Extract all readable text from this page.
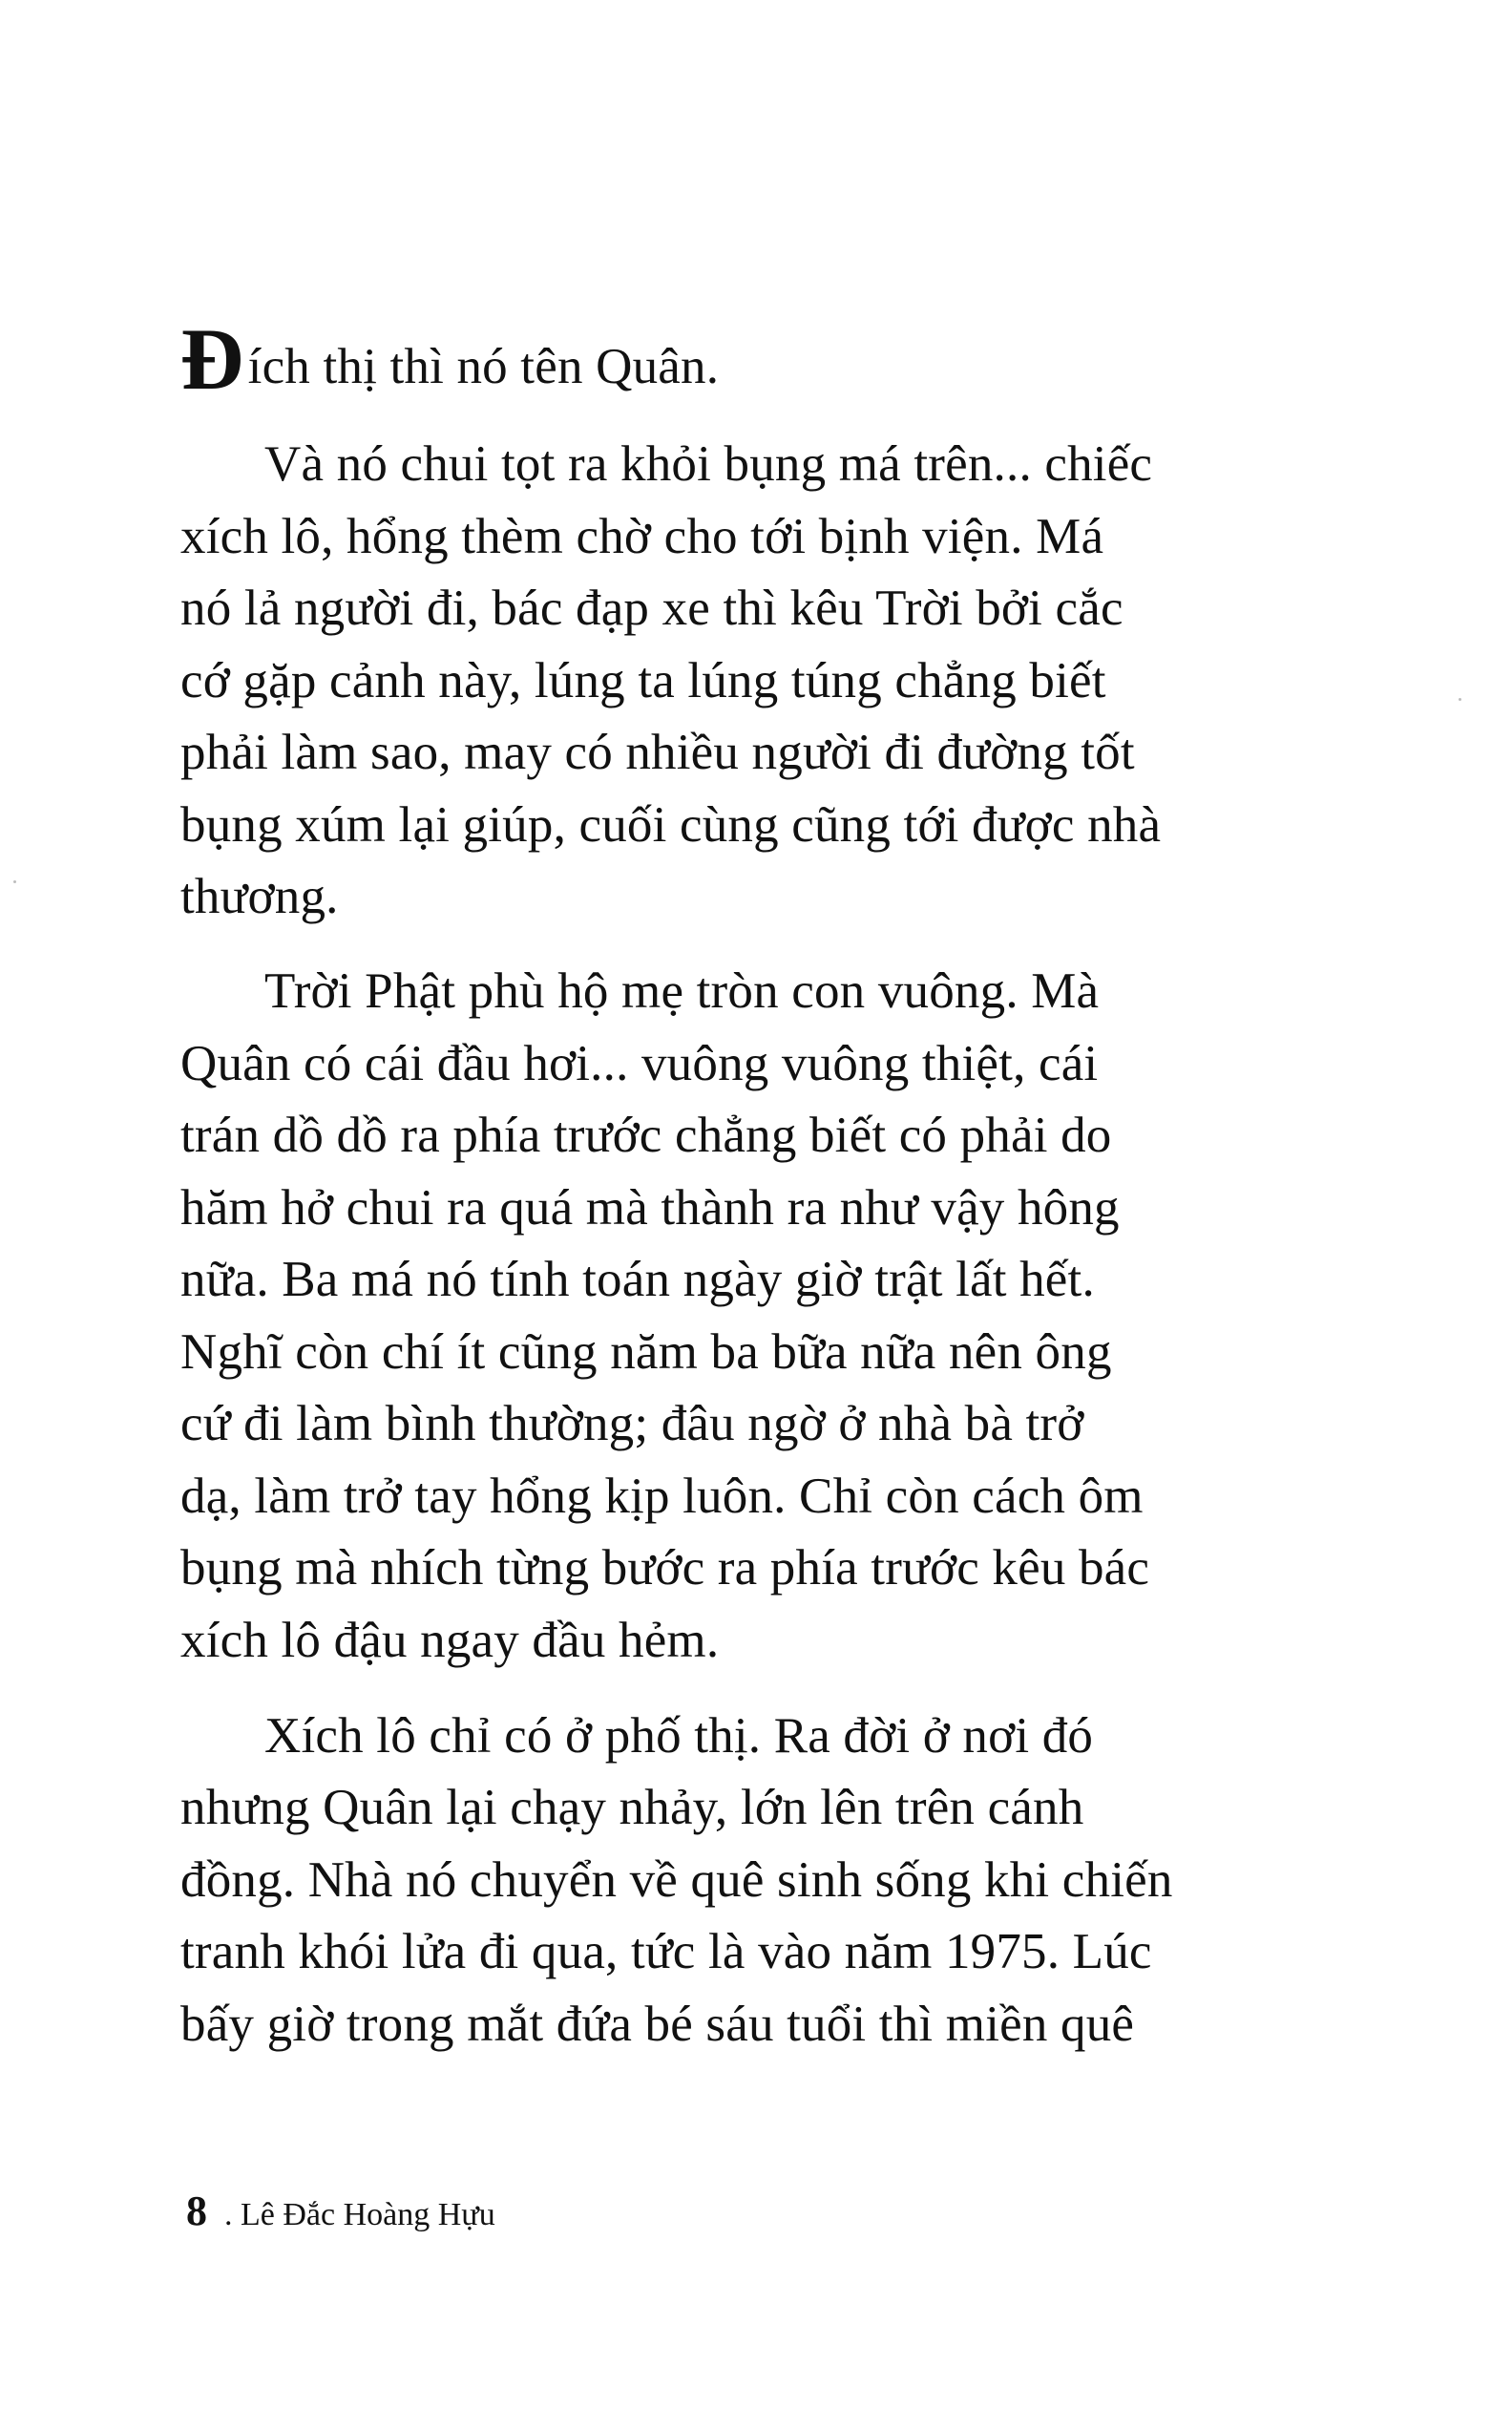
Đích thị thì nó tên Quân.
Và nó chui tọt ra khỏi bụng má trên... chiếc
xích lô, hổng thèm chờ cho tới bịnh viện. Má
nó lả người đi, bác đạp xe thì kêu Trời bởi cắc
cớ gặp cảnh này, lúng ta lúng túng chẳng biết
phải làm sao, may có nhiều người đi đường tốt
bụng xúm lại giúp, cuối cùng cũng tới được nhà
thương.
Trời Phật phù hộ mẹ tròn con vuông. Mà
Quân có cái đầu hơi... vuông vuông thiệt, cái
trán dồ dồ ra phía trước chẳng biết có phải do
hăm hở chui ra quá mà thành ra như vậy hông
nữa. Ba má nó tính toán ngày giờ trật lất hết.
Nghĩ còn chí ít cũng năm ba bữa nữa nên ông
cứ đi làm bình thường; đâu ngờ ở nhà bà trở
dạ, làm trở tay hổng kịp luôn. Chỉ còn cách ôm
bụng mà nhích từng bước ra phía trước kêu bác
xích lô đậu ngay đầu hẻm.
Xích lô chỉ có ở phố thị. Ra đời ở nơi đó
nhưng Quân lại chạy nhảy, lớn lên trên cánh
đồng. Nhà nó chuyển về quê sinh sống khi chiến
tranh khói lửa đi qua, tức là vào năm 1975. Lúc
bấy giờ trong mắt đứa bé sáu tuổi thì miền quê
8 . Lê Đắc Hoàng Hựu
